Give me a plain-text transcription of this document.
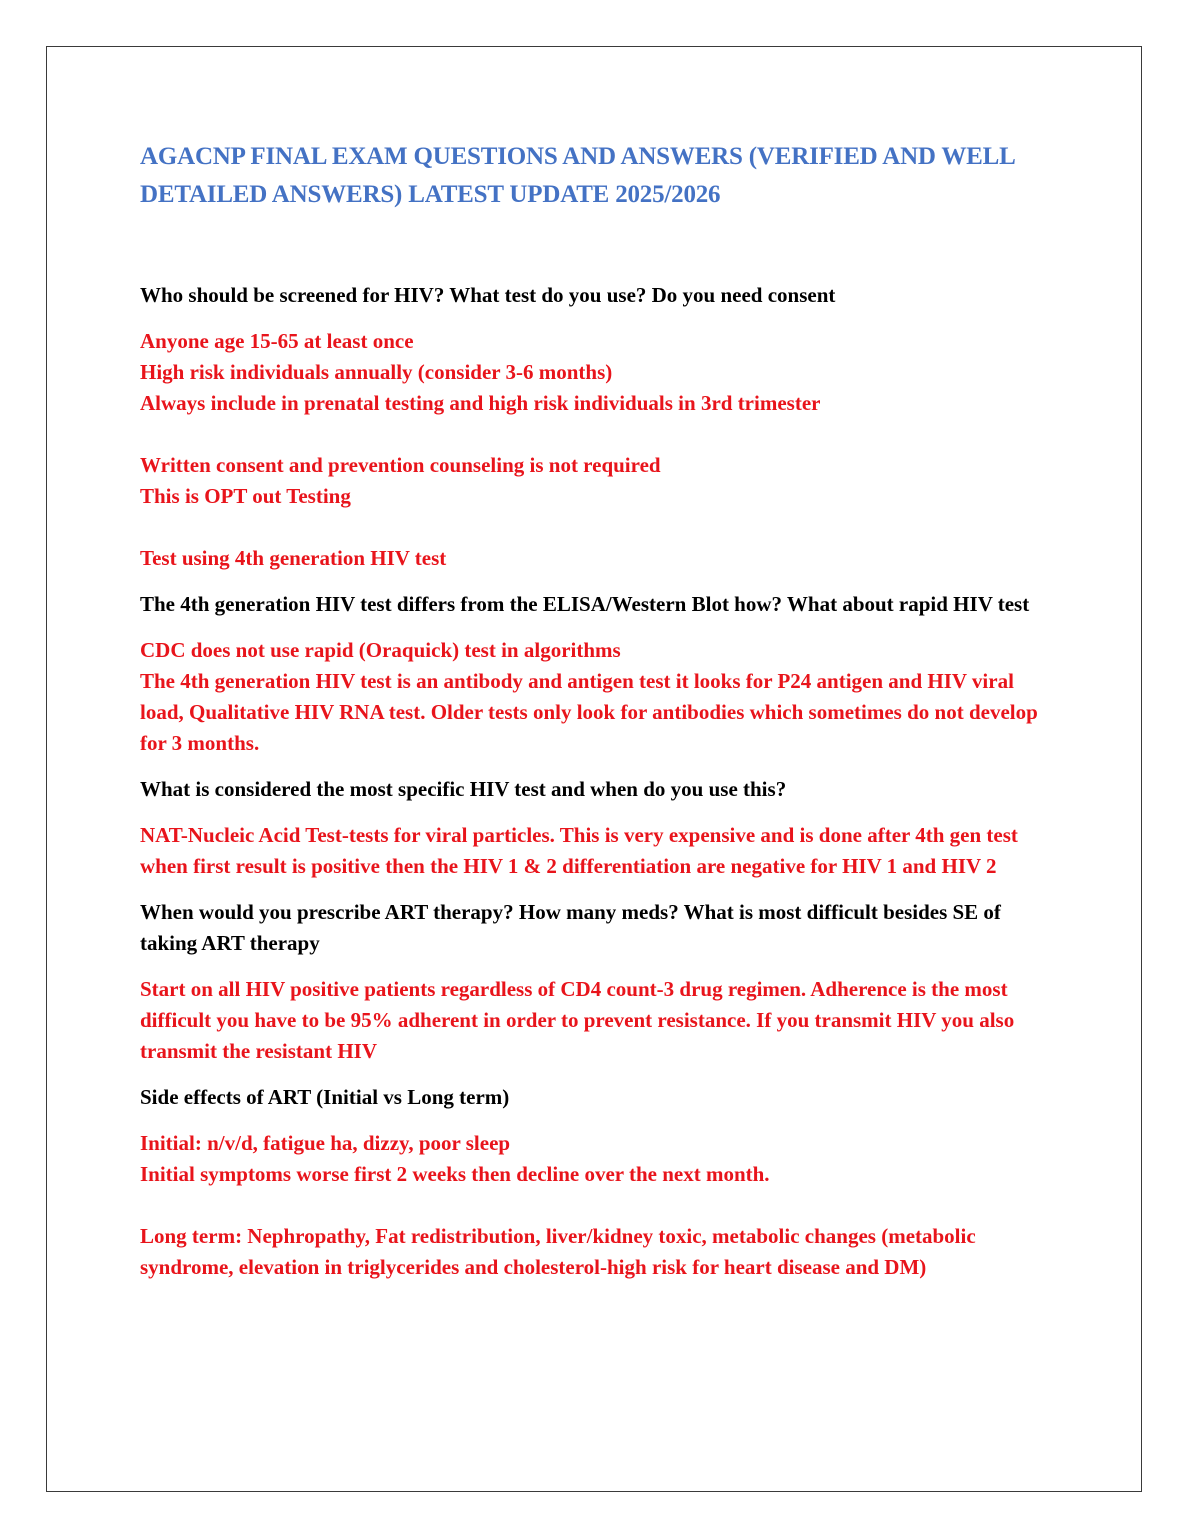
AGACNP FINAL EXAM QUESTIONS AND ANSWERS (VERIFIED AND WELL DETAILED ANSWERS) LATEST UPDATE 2025/2026

Who should be screened for HIV? What test do you use? Do you need consent

Anyone age 15-65 at least once
High risk individuals annually (consider 3-6 months)
Always include in prenatal testing and high risk individuals in 3rd trimester
Written consent and prevention counseling is not required
This is OPT out Testing
Test using 4th generation HIV test

The 4th generation HIV test differs from the ELISA/Western Blot how? What about rapid HIV test

CDC does not use rapid (Oraquick) test in algorithms
The 4th generation HIV test is an antibody and antigen test it looks for P24 antigen and HIV viral load, Qualitative HIV RNA test. Older tests only look for antibodies which sometimes do not develop for 3 months.

What is considered the most specific HIV test and when do you use this?

NAT-Nucleic Acid Test-tests for viral particles. This is very expensive and is done after 4th gen test when first result is positive then the HIV 1 & 2 differentiation are negative for HIV 1 and HIV 2

When would you prescribe ART therapy? How many meds? What is most difficult besides SE of taking ART therapy

Start on all HIV positive patients regardless of CD4 count-3 drug regimen. Adherence is the most difficult you have to be 95% adherent in order to prevent resistance. If you transmit HIV you also transmit the resistant HIV

Side effects of ART (Initial vs Long term)

Initial: n/v/d, fatigue ha, dizzy, poor sleep
Initial symptoms worse first 2 weeks then decline over the next month.
Long term: Nephropathy, Fat redistribution, liver/kidney toxic, metabolic changes (metabolic syndrome, elevation in triglycerides and cholesterol-high risk for heart disease and DM)
